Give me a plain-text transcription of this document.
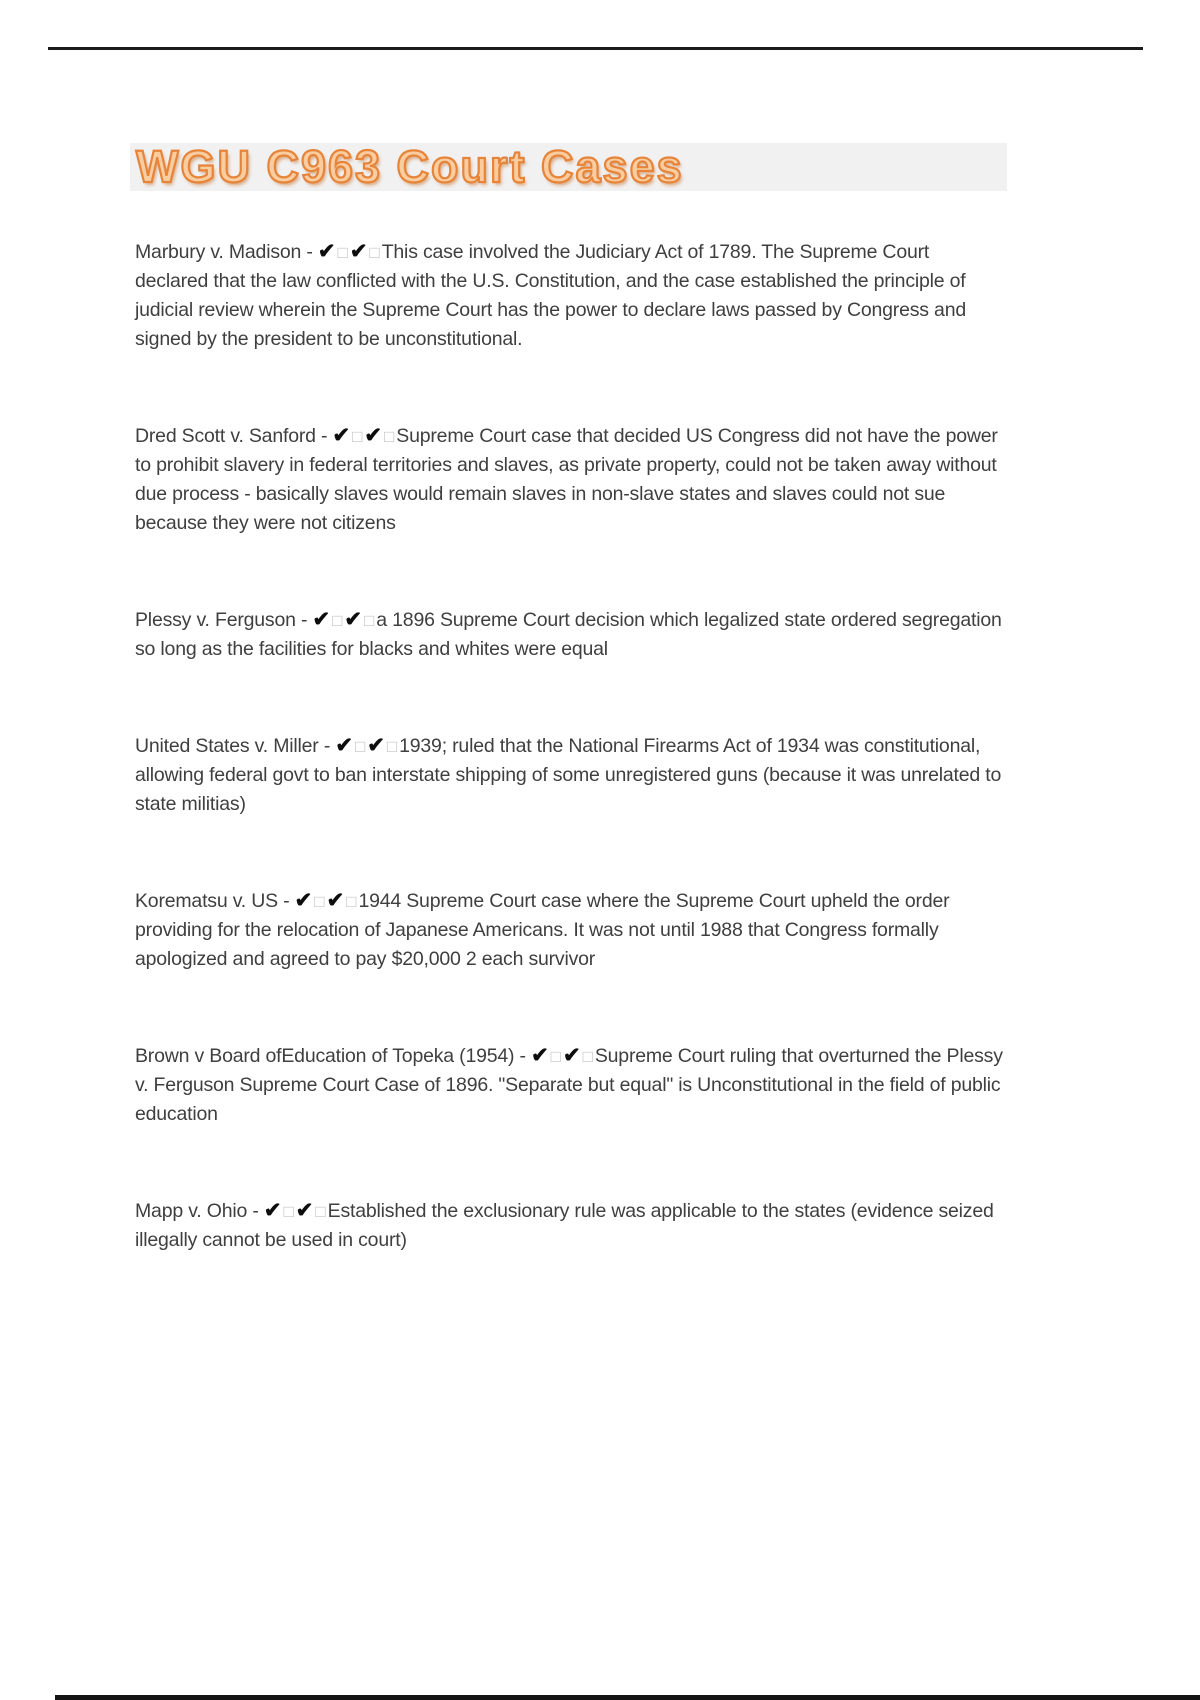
WGU C963 Court Cases

Marbury v. Madison - ✔ □✔ □ This case involved the Judiciary Act of 1789. The Supreme Court declared that the law conflicted with the U.S. Constitution, and the case established the principle of judicial review wherein the Supreme Court has the power to declare laws passed by Congress and signed by the president to be unconstitutional.

Dred Scott v. Sanford - ✔ □✔ □ Supreme Court case that decided US Congress did not have the power to prohibit slavery in federal territories and slaves, as private property, could not be taken away without due process - basically slaves would remain slaves in non-slave states and slaves could not sue because they were not citizens

Plessy v. Ferguson - ✔ □✔ □ a 1896 Supreme Court decision which legalized state ordered segregation so long as the facilities for blacks and whites were equal

United States v. Miller - ✔ □✔ □ 1939; ruled that the National Firearms Act of 1934 was constitutional, allowing federal govt to ban interstate shipping of some unregistered guns (because it was unrelated to state militias)

Korematsu v. US - ✔ □✔ □ 1944 Supreme Court case where the Supreme Court upheld the order providing for the relocation of Japanese Americans. It was not until 1988 that Congress formally apologized and agreed to pay $20,000 2 each survivor

Brown v Board ofEducation of Topeka (1954) - ✔ □✔ □ Supreme Court ruling that overturned the Plessy v. Ferguson Supreme Court Case of 1896. "Separate but equal" is Unconstitutional in the field of public education

Mapp v. Ohio - ✔ □✔ □ Established the exclusionary rule was applicable to the states (evidence seized illegally cannot be used in court)
